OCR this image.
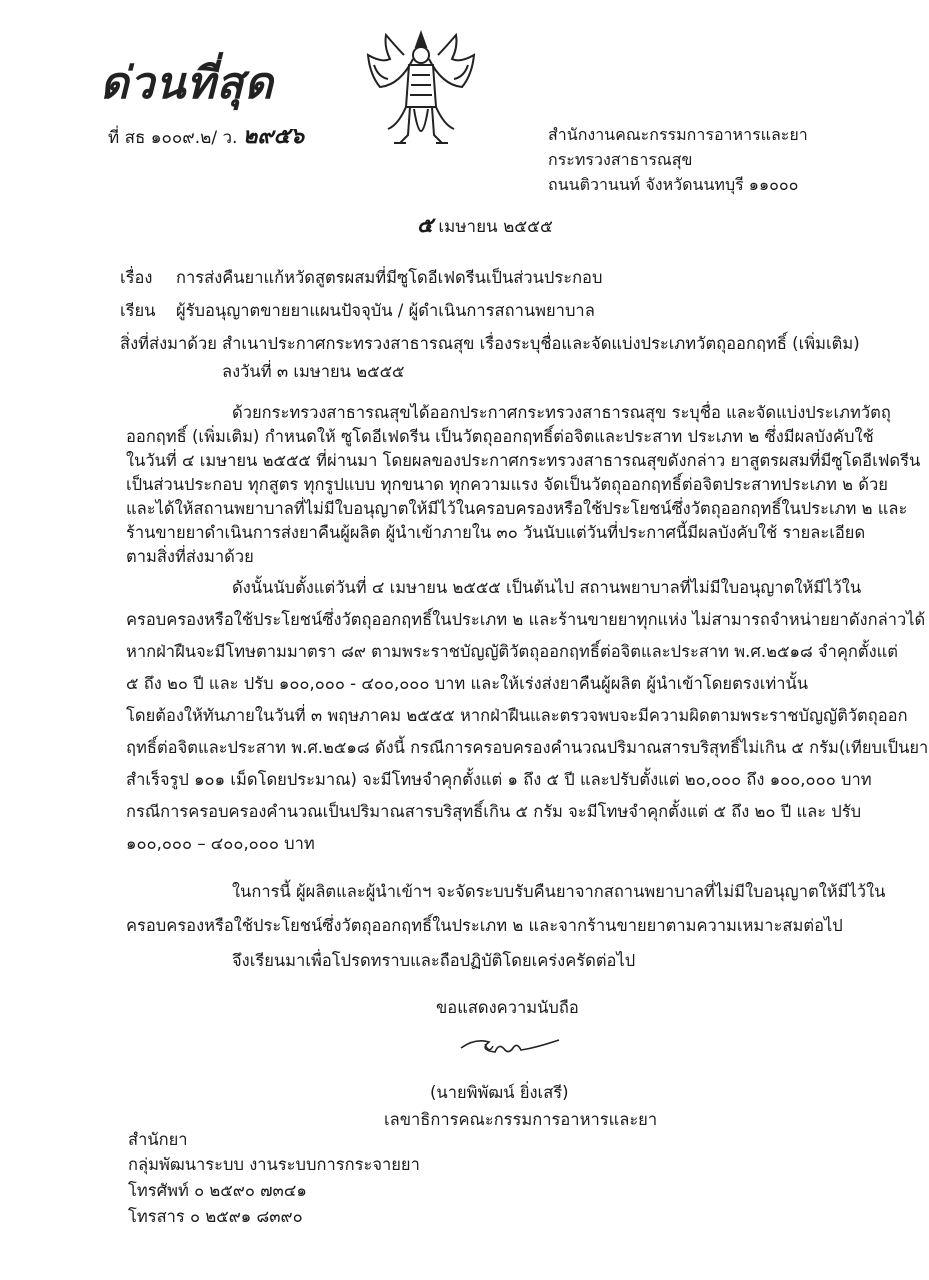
ด่วนที่สุด
ที่ สธ ๑๐๐๙.๒/ ว. ๒๙๕๖	สำนักงานคณะกรรมการอาหารและยา
กระทรวงสาธารณสุข
ถนนติวานนท์ จังหวัดนนทบุรี ๑๑๐๐๐
๕ เมษายน ๒๕๕๕
เรื่อง การส่งคืนยาแก้หวัดสูตรผสมที่มีซูโดอีเฟดรีนเป็นส่วนประกอบ
เรียน ผู้รับอนุญาตขายยาแผนปัจจุบัน / ผู้ดำเนินการสถานพยาบาล
สิ่งที่ส่งมาด้วย สำเนาประกาศกระทรวงสาธารณสุข เรื่องระบุชื่อและจัดแบ่งประเภทวัตถุออกฤทธิ์ (เพิ่มเติม)
ลงวันที่ ๓ เมษายน ๒๕๕๕
ด้วยกระทรวงสาธารณสุขได้ออกประกาศกระทรวงสาธารณสุข ระบุชื่อ และจัดแบ่งประเภทวัตถุ
ออกฤทธิ์ (เพิ่มเติม) กำหนดให้ ซูโดอีเฟดรีน เป็นวัตถุออกฤทธิ์ต่อจิตและประสาท ประเภท ๒ ซึ่งมีผลบังคับใช้
ในวันที่ ๔ เมษายน ๒๕๕๕ ที่ผ่านมา โดยผลของประกาศกระทรวงสาธารณสุขดังกล่าว ยาสูตรผสมที่มีซูโดอีเฟดรีน
เป็นส่วนประกอบ ทุกสูตร ทุกรูปแบบ ทุกขนาด ทุกความแรง จัดเป็นวัตถุออกฤทธิ์ต่อจิตประสาทประเภท ๒ ด้วย
และได้ให้สถานพยาบาลที่ไม่มีใบอนุญาตให้มีไว้ในครอบครองหรือใช้ประโยชน์ซึ่งวัตถุออกฤทธิ์ในประเภท ๒ และ
ร้านขายยาดำเนินการส่งยาคืนผู้ผลิต ผู้นำเข้าภายใน ๓๐ วันนับแต่วันที่ประกาศนี้มีผลบังคับใช้ รายละเอียด
ตามสิ่งที่ส่งมาด้วย
ดังนั้นนับตั้งแต่วันที่ ๔ เมษายน ๒๕๕๕ เป็นต้นไป สถานพยาบาลที่ไม่มีใบอนุญาตให้มีไว้ใน
ครอบครองหรือใช้ประโยชน์ซึ่งวัตถุออกฤทธิ์ในประเภท ๒ และร้านขายยาทุกแห่ง ไม่สามารถจำหน่ายยาดังกล่าวได้
หากฝ่าฝืนจะมีโทษตามมาตรา ๘๙ ตามพระราชบัญญัติวัตถุออกฤทธิ์ต่อจิตและประสาท พ.ศ.๒๕๑๘ จำคุกตั้งแต่
๕ ถึง ๒๐ ปี และ ปรับ ๑๐๐,๐๐๐ - ๔๐๐,๐๐๐ บาท และให้เร่งส่งยาคืนผู้ผลิต ผู้นำเข้าโดยตรงเท่านั้น
โดยต้องให้ทันภายในวันที่ ๓ พฤษภาคม ๒๕๕๕ หากฝ่าฝืนและตรวจพบจะมีความผิดตามพระราชบัญญัติวัตถุออก
ฤทธิ์ต่อจิตและประสาท พ.ศ.๒๕๑๘ ดังนี้ กรณีการครอบครองคำนวณปริมาณสารบริสุทธิ์ไม่เกิน ๕ กรัม(เทียบเป็นยา
สำเร็จรูป ๑๐๑ เม็ดโดยประมาณ) จะมีโทษจำคุกตั้งแต่ ๑ ถึง ๕ ปี และปรับตั้งแต่ ๒๐,๐๐๐ ถึง ๑๐๐,๐๐๐ บาท
กรณีการครอบครองคำนวณเป็นปริมาณสารบริสุทธิ์เกิน ๕ กรัม จะมีโทษจำคุกตั้งแต่ ๕ ถึง ๒๐ ปี และ ปรับ
๑๐๐,๐๐๐ – ๔๐๐,๐๐๐ บาท
ในการนี้ ผู้ผลิตและผู้นำเข้าฯ จะจัดระบบรับคืนยาจากสถานพยาบาลที่ไม่มีใบอนุญาตให้มีไว้ใน
ครอบครองหรือใช้ประโยชน์ซึ่งวัตถุออกฤทธิ์ในประเภท ๒ และจากร้านขายยาตามความเหมาะสมต่อไป
จึงเรียนมาเพื่อโปรดทราบและถือปฏิบัติโดยเคร่งครัดต่อไป
ขอแสดงความนับถือ
(นายพิพัฒน์ ยิ่งเสรี)
เลขาธิการคณะกรรมการอาหารและยา
สำนักยา
กลุ่มพัฒนาระบบ งานระบบการกระจายยา
โทรศัพท์ ๐ ๒๕๙๐ ๗๓๔๑
โทรสาร ๐ ๒๕๙๑ ๘๓๙๐
